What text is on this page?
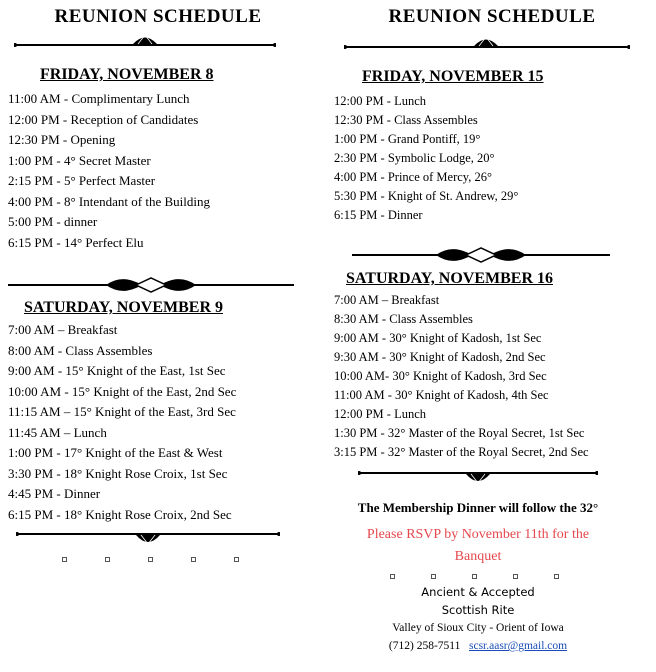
REUNION SCHEDULE
FRIDAY, NOVEMBER 8
11:00 AM - Complimentary Lunch
12:00 PM - Reception of Candidates
12:30 PM - Opening
1:00 PM - 4° Secret Master
2:15 PM - 5° Perfect Master
4:00 PM - 8° Intendant of the Building
5:00 PM - dinner
6:15 PM - 14° Perfect Elu
SATURDAY, NOVEMBER 9
7:00 AM – Breakfast
8:00 AM - Class Assembles
9:00 AM - 15° Knight of the East, 1st Sec
10:00 AM - 15° Knight of the East, 2nd Sec
11:15 AM – 15° Knight of the East, 3rd Sec
11:45 AM – Lunch
1:00 PM - 17° Knight of the East & West
3:30 PM - 18° Knight Rose Croix, 1st Sec
4:45 PM - Dinner
6:15 PM - 18° Knight Rose Croix, 2nd Sec
REUNION SCHEDULE
FRIDAY, NOVEMBER 15
12:00 PM - Lunch
12:30 PM - Class Assembles
1:00 PM - Grand Pontiff, 19°
2:30 PM - Symbolic Lodge, 20°
4:00 PM - Prince of Mercy, 26°
5:30 PM - Knight of St. Andrew, 29°
6:15 PM - Dinner
SATURDAY, NOVEMBER 16
7:00 AM – Breakfast
8:30 AM - Class Assembles
9:00 AM - 30° Knight of Kadosh, 1st Sec
9:30 AM - 30° Knight of Kadosh, 2nd Sec
10:00 AM- 30° Knight of Kadosh, 3rd Sec
11:00 AM - 30° Knight of Kadosh, 4th Sec
12:00 PM - Lunch
1:30 PM - 32° Master of the Royal Secret, 1st Sec
3:15 PM - 32° Master of the Royal Secret, 2nd Sec
The Membership Dinner will follow the 32°
Please RSVP by November 11th for the Banquet
Ancient & Accepted
Scottish Rite
Valley of Sioux City - Orient of Iowa
(712) 258-7511 scsr.aasr@gmail.com
